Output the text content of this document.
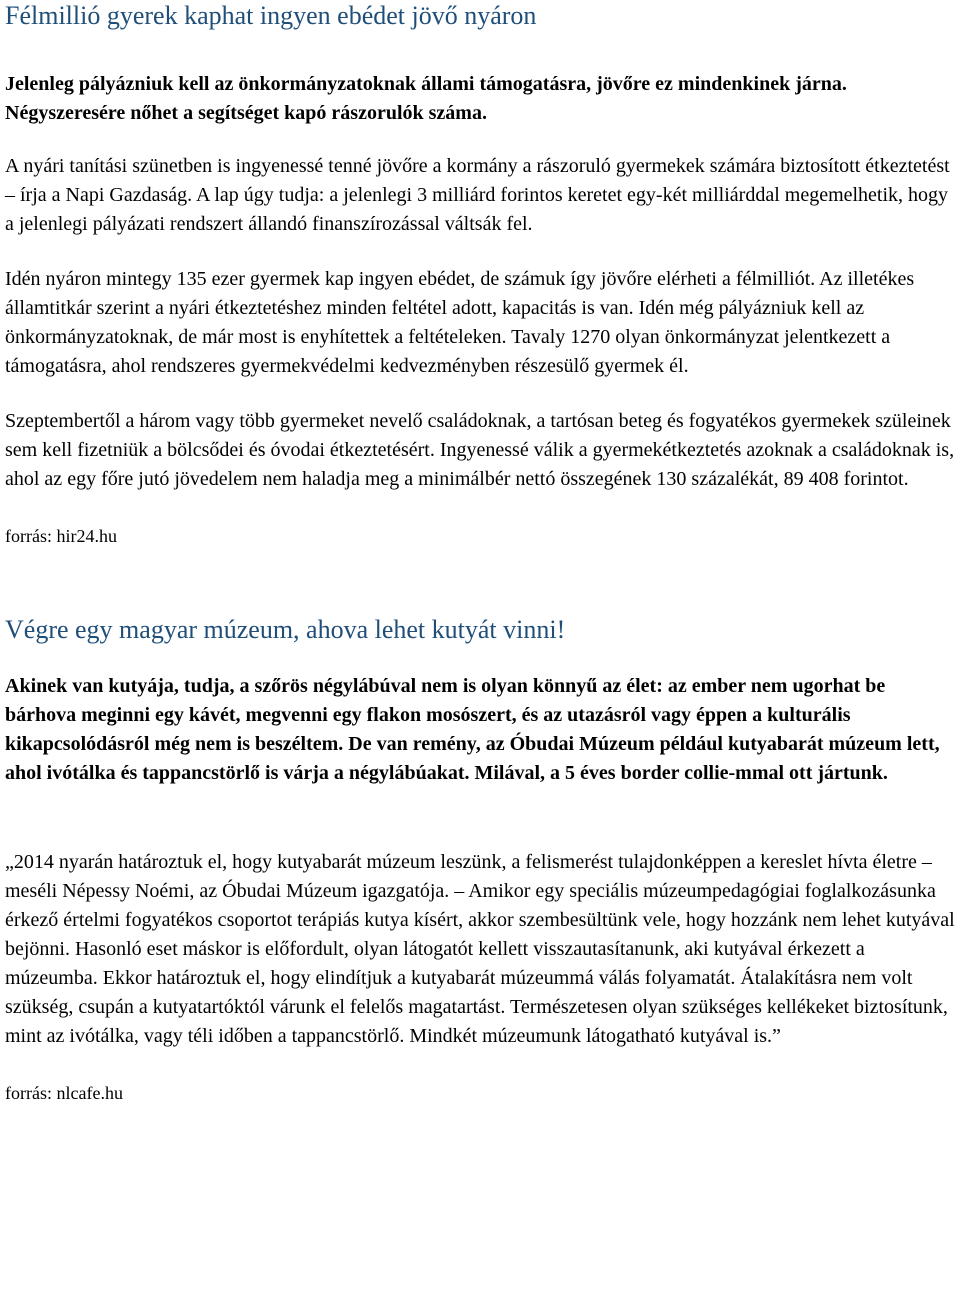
Félmillió gyerek kaphat ingyen ebédet jövő nyáron

Jelenleg pályázniuk kell az önkormányzatoknak állami támogatásra, jövőre ez mindenkinek járna. Négyszeresére nőhet a segítséget kapó rászorulók száma.

A nyári tanítási szünetben is ingyenessé tenné jövőre a kormány a rászoruló gyermekek számára biztosított étkeztetést – írja a Napi Gazdaság. A lap úgy tudja: a jelenlegi 3 milliárd forintos keretet egy-két milliárddal megemelhetik, hogy a jelenlegi pályázati rendszert állandó finanszírozással váltsák fel.

Idén nyáron mintegy 135 ezer gyermek kap ingyen ebédet, de számuk így jövőre elérheti a félmilliót. Az illetékes államtitkár szerint a nyári étkeztetéshez minden feltétel adott, kapacitás is van. Idén még pályázniuk kell az önkormányzatoknak, de már most is enyhítettek a feltételeken. Tavaly 1270 olyan önkormányzat jelentkezett a támogatásra, ahol rendszeres gyermekvédelmi kedvezményben részesülő gyermek él.

Szeptembertől a három vagy több gyermeket nevelő családoknak, a tartósan beteg és fogyatékos gyermekek szüleinek sem kell fizetniük a bölcsődei és óvodai étkeztetésért. Ingyenessé válik a gyermekétkeztetés azoknak a családoknak is, ahol az egy főre jutó jövedelem nem haladja meg a minimálbér nettó összegének 130 százalékát, 89 408 forintot.

forrás: hir24.hu

Végre egy magyar múzeum, ahova lehet kutyát vinni!

Akinek van kutyája, tudja, a szőrös négylábúval nem is olyan könnyű az élet: az ember nem ugorhat be bárhova meginni egy kávét, megvenni egy flakon mosószert, és az utazásról vagy éppen a kulturális kikapcsolódásról még nem is beszéltem. De van remény, az Óbudai Múzeum például kutyabarát múzeum lett, ahol ivótálka és tappancstörlő is várja a négylábúakat. Milával, a 5 éves border collie-mmal ott jártunk.

„2014 nyarán határoztuk el, hogy kutyabarát múzeum leszünk, a felismerést tulajdonképpen a kereslet hívta életre – meséli Népessy Noémi, az Óbudai Múzeum igazgatója. – Amikor egy speciális múzeumpedagógiai foglalkozásunka érkező értelmi fogyatékos csoportot terápiás kutya kísért, akkor szembesültünk vele, hogy hozzánk nem lehet kutyával bejönni. Hasonló eset máskor is előfordult, olyan látogatót kellett visszautasítanunk, aki kutyával érkezett a múzeumba. Ekkor határoztuk el, hogy elindítjuk a kutyabarát múzeummá válás folyamatát. Átalakításra nem volt szükség, csupán a kutyatartóktól várunk el felelős magatartást. Természetesen olyan szükséges kellékeket biztosítunk, mint az ivótálka, vagy téli időben a tappancstörlő. Mindkét múzeumunk látogatható kutyával is.”

forrás: nlcafe.hu
